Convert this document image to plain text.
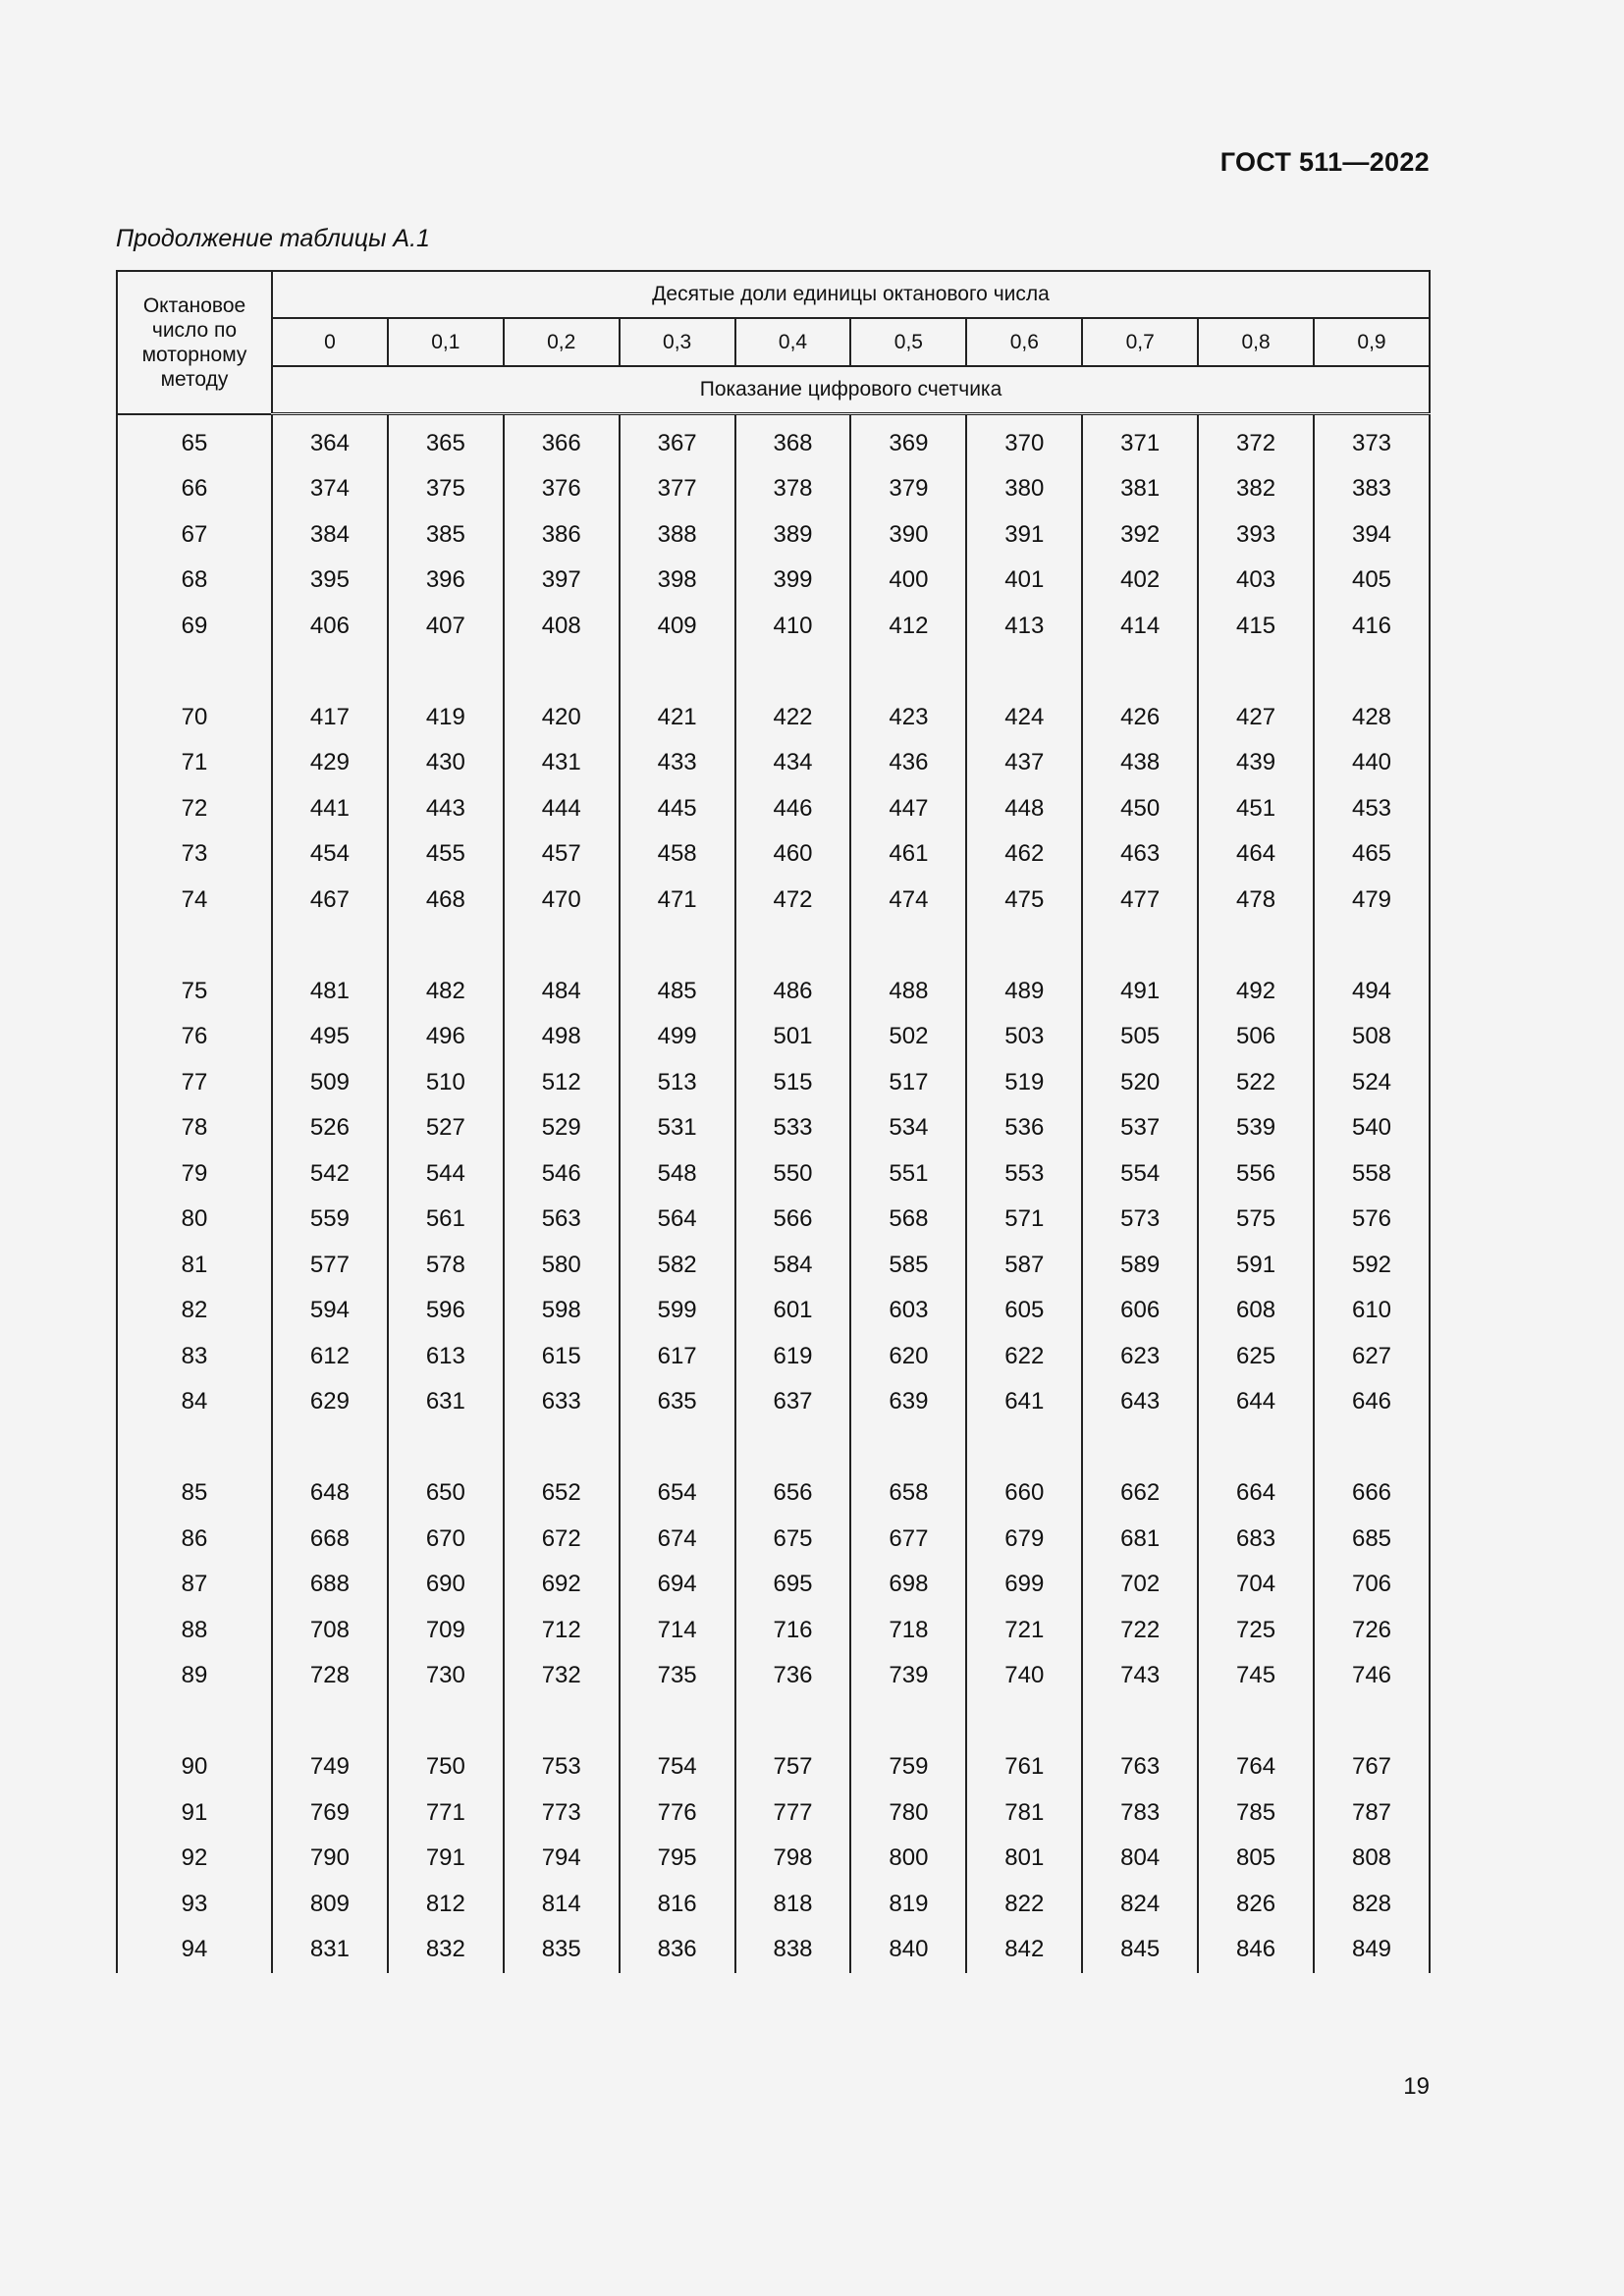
ГОСТ 511—2022
Продолжение таблицы А.1
Октановое число по моторному методу	Десятые доли единицы октанового числа									
	0	0,1	0,2	0,3	0,4	0,5	0,6	0,7	0,8	0,9
	Показание цифрового счетчика									
65	364	365	366	367	368	369	370	371	372	373
66	374	375	376	377	378	379	380	381	382	383
67	384	385	386	388	389	390	391	392	393	394
68	395	396	397	398	399	400	401	402	403	405
69	406	407	408	409	410	412	413	414	415	416

70	417	419	420	421	422	423	424	426	427	428
71	429	430	431	433	434	436	437	438	439	440
72	441	443	444	445	446	447	448	450	451	453
73	454	455	457	458	460	461	462	463	464	465
74	467	468	470	471	472	474	475	477	478	479

75	481	482	484	485	486	488	489	491	492	494
76	495	496	498	499	501	502	503	505	506	508
77	509	510	512	513	515	517	519	520	522	524
78	526	527	529	531	533	534	536	537	539	540
79	542	544	546	548	550	551	553	554	556	558
80	559	561	563	564	566	568	571	573	575	576
81	577	578	580	582	584	585	587	589	591	592
82	594	596	598	599	601	603	605	606	608	610
83	612	613	615	617	619	620	622	623	625	627
84	629	631	633	635	637	639	641	643	644	646

85	648	650	652	654	656	658	660	662	664	666
86	668	670	672	674	675	677	679	681	683	685
87	688	690	692	694	695	698	699	702	704	706
88	708	709	712	714	716	718	721	722	725	726
89	728	730	732	735	736	739	740	743	745	746

90	749	750	753	754	757	759	761	763	764	767
91	769	771	773	776	777	780	781	783	785	787
92	790	791	794	795	798	800	801	804	805	808
93	809	812	814	816	818	819	822	824	826	828
94	831	832	835	836	838	840	842	845	846	849
19
